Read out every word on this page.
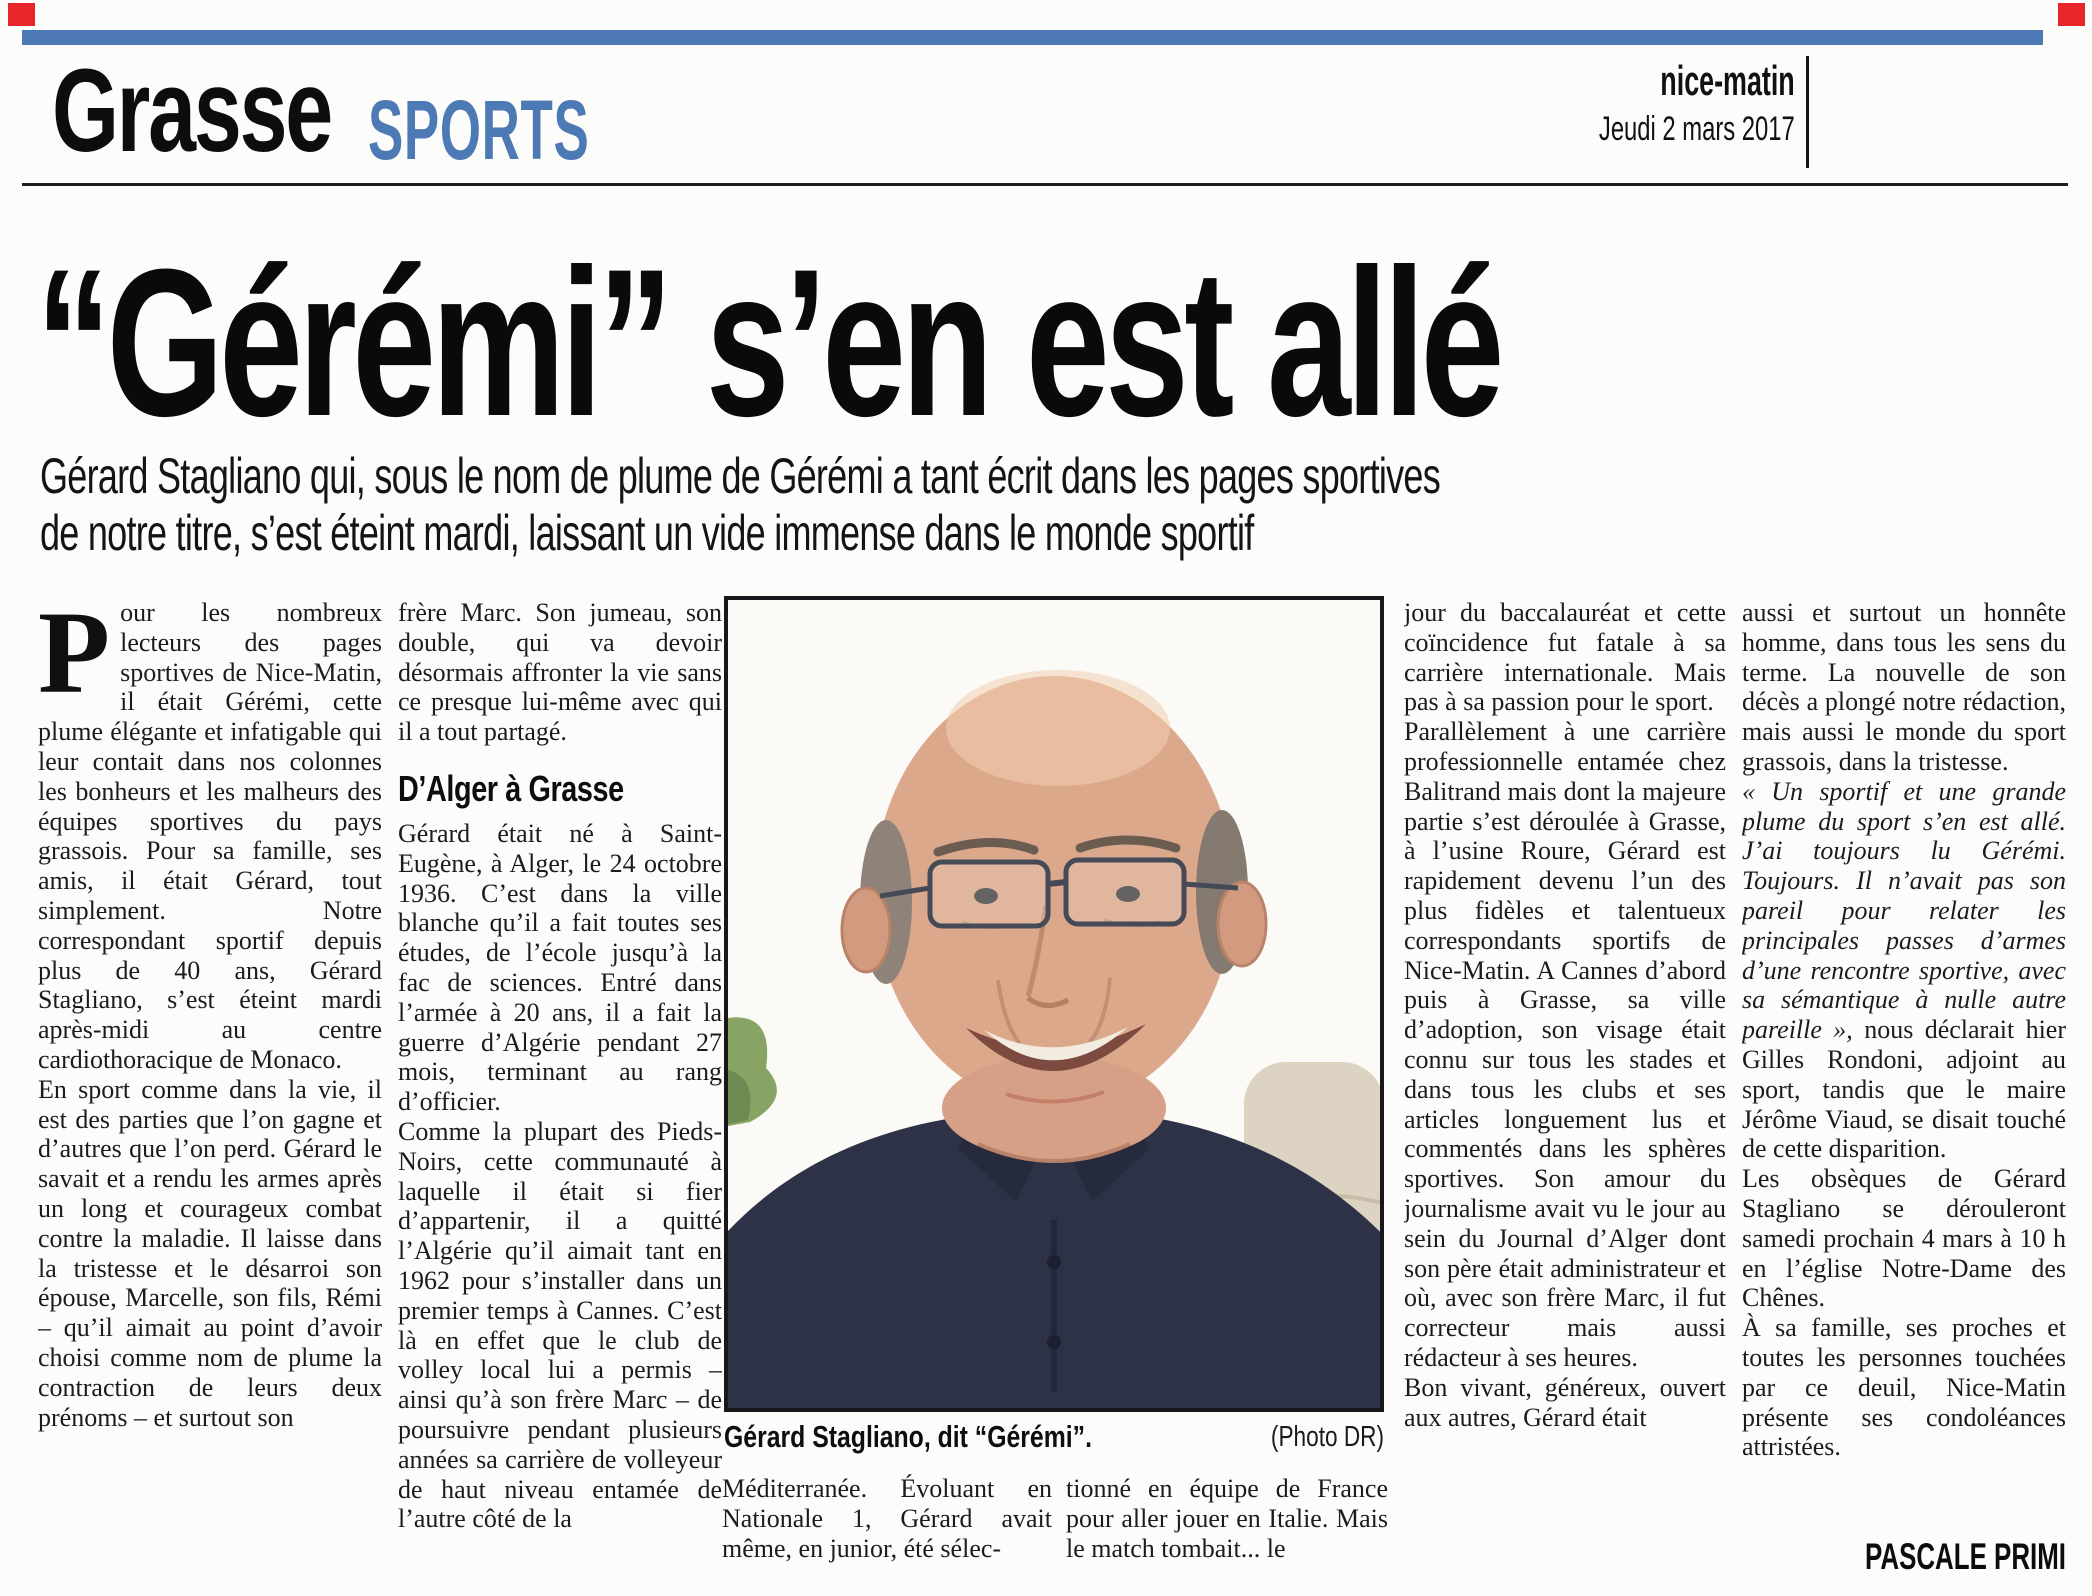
Grasse SPORTS
nice-matin
Jeudi 2 mars 2017
“Gérémi” s’en est allé
Gérard Stagliano qui, sous le nom de plume de Gérémi a tant écrit dans les pages sportives
de notre titre, s’est éteint mardi, laissant un vide immense dans le monde sportif

Pour les nombreux lecteurs des pages sportives de Nice-Matin, il était Gérémi, cette plume élégante et infatigable qui leur contait dans nos colonnes les bonheurs et les malheurs des équipes sportives du pays grassois. Pour sa famille, ses amis, il était Gérard, tout simplement. Notre correspondant sportif depuis plus de 40 ans, Gérard Stagliano, s’est éteint mardi après-midi au centre cardiothoracique de Monaco.

En sport comme dans la vie, il est des parties que l’on gagne et d’autres que l’on perd. Gérard le savait et a rendu les armes après un long et courageux combat contre la maladie. Il laisse dans la tristesse et le désarroi son épouse, Marcelle, son fils, Rémi – qu’il aimait au point d’avoir choisi comme nom de plume la contraction de leurs deux prénoms – et surtout son

frère Marc. Son jumeau, son double, qui va devoir désormais affronter la vie sans ce presque lui-même avec qui il a tout partagé.

D’Alger à Grasse

Gérard était né à Saint-Eugène, à Alger, le 24 octobre 1936. C’est dans la ville blanche qu’il a fait toutes ses études, de l’école jusqu’à la fac de sciences. Entré dans l’armée à 20 ans, il a fait la guerre d’Algérie pendant 27 mois, terminant au rang d’officier.

Comme la plupart des Pieds-Noirs, cette communauté à laquelle il était si fier d’appartenir, il a quitté l’Algérie qu’il aimait tant en 1962 pour s’installer dans un premier temps à Cannes. C’est là en effet que le club de volley local lui a permis – ainsi qu’à son frère Marc – de poursuivre pendant plusieurs années sa carrière de volleyeur de haut niveau entamée de l’autre côté de la

Gérard Stagliano, dit “Gérémi”.	(Photo DR)

Méditerranée. Évoluant en Nationale 1, Gérard avait même, en junior, été sélec-

tionné en équipe de France pour aller jouer en Italie. Mais le match tombait... le

jour du baccalauréat et cette coïncidence fut fatale à sa carrière internationale. Mais pas à sa passion pour le sport.

Parallèlement à une carrière professionnelle entamée chez Balitrand mais dont la majeure partie s’est déroulée à Grasse, à l’usine Roure, Gérard est rapidement devenu l’un des plus fidèles et talentueux correspondants sportifs de Nice-Matin. A Cannes d’abord puis à Grasse, sa ville d’adoption, son visage était connu sur tous les stades et dans tous les clubs et ses articles longuement lus et commentés dans les sphères sportives. Son amour du journalisme avait vu le jour au sein du Journal d’Alger dont son père était administrateur et où, avec son frère Marc, il fut correcteur mais aussi rédacteur à ses heures.

Bon vivant, généreux, ouvert aux autres, Gérard était

aussi et surtout un honnête homme, dans tous les sens du terme. La nouvelle de son décès a plongé notre rédaction, mais aussi le monde du sport grassois, dans la tristesse.

« Un sportif et une grande plume du sport s’en est allé. J’ai toujours lu Gérémi. Toujours. Il n’avait pas son pareil pour relater les principales passes d’armes d’une rencontre sportive, avec sa sémantique à nulle autre pareille », nous déclarait hier Gilles Rondoni, adjoint au sport, tandis que le maire Jérôme Viaud, se disait touché de cette disparition.

Les obsèques de Gérard Stagliano se dérouleront samedi prochain 4 mars à 10 h en l’église Notre-Dame des Chênes.

À sa famille, ses proches et toutes les personnes touchées par ce deuil, Nice-Matin présente ses condoléances attristées.

PASCALE PRIMI
